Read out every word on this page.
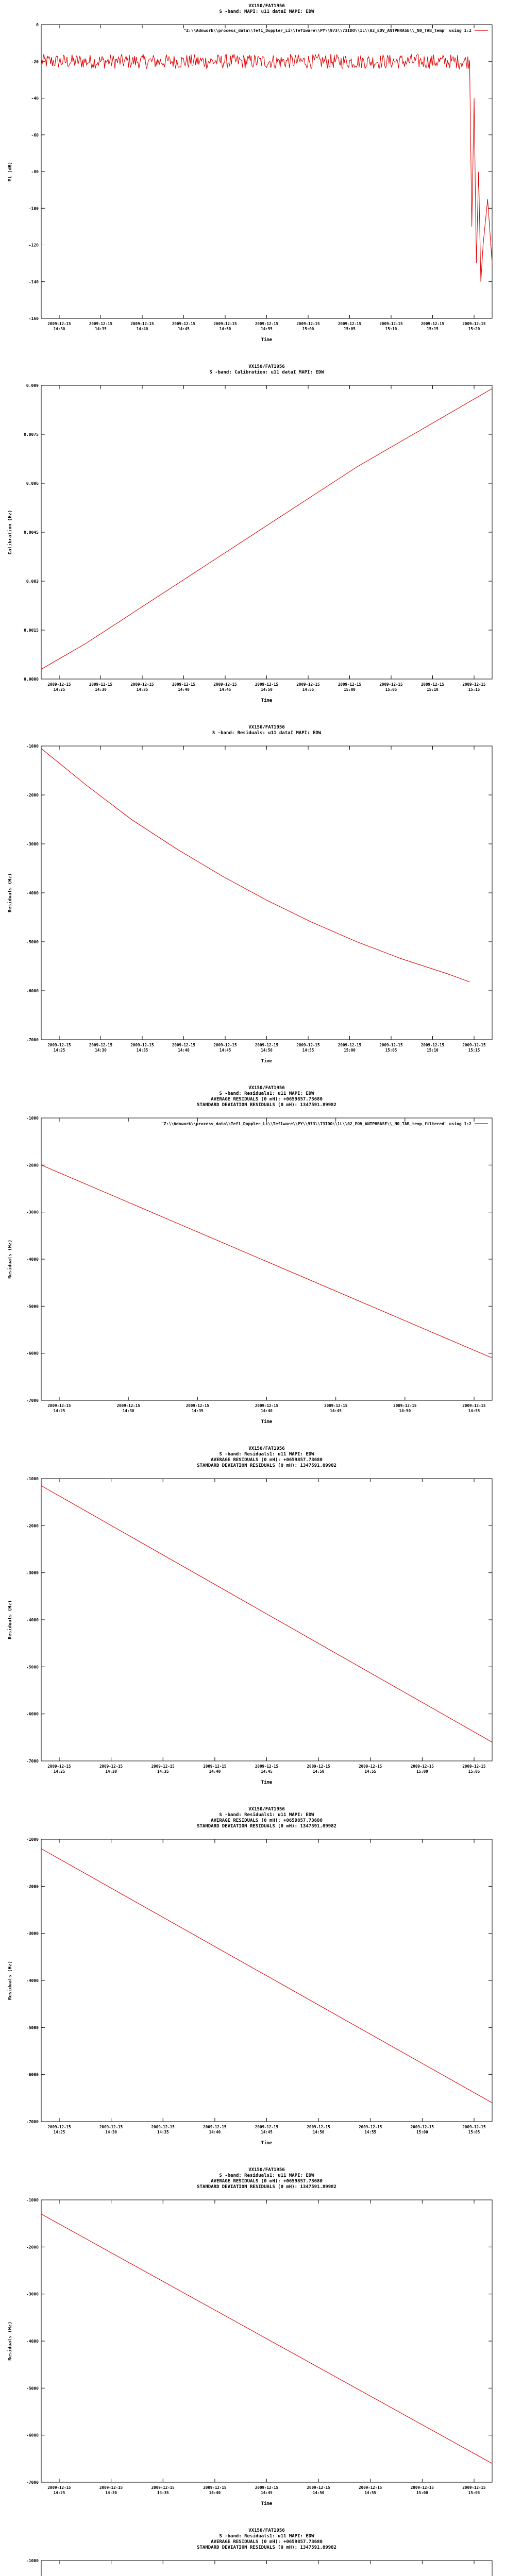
VX150/FAT1956
S -band: MAPI: u11 dataI MAPI: EDW
"Z:\\Adnwork\\process_data\\Tef1_Doppler_Li\\Tef1ware\\PY\\973\\73IDO\\1L\\02_EOV_ANTPHRASE\\_N0_TAB_temp" using 1:2
0
-20
-40
-60
-80
-100
-120
-140
-160
2009-12-15
14:30
2009-12-15
14:35
2009-12-15
14:40
2009-12-15
14:45
2009-12-15
14:50
2009-12-15
14:55
2009-12-15
15:00
2009-12-15
15:05
2009-12-15
15:10
2009-12-15
15:15
2009-12-15
15:20
ML (dB)
Time
VX150/FAT1956
S -band: Calibration: u11 dataI MAPI: EDW
0.009
0.0075
0.006
0.0045
0.003
0.0015
0.0000
2009-12-15
14:25
2009-12-15
14:30
2009-12-15
14:35
2009-12-15
14:40
2009-12-15
14:45
2009-12-15
14:50
2009-12-15
14:55
2009-12-15
15:00
2009-12-15
15:05
2009-12-15
15:10
2009-12-15
15:15
Calibration (Hz)
Time
VX150/FAT1956
S -band: Residuals: u11 dataI MAPI: EDW
-1000
-2000
-3000
-4000
-5000
-6000
-7000
2009-12-15
14:25
2009-12-15
14:30
2009-12-15
14:35
2009-12-15
14:40
2009-12-15
14:45
2009-12-15
14:50
2009-12-15
14:55
2009-12-15
15:00
2009-12-15
15:05
2009-12-15
15:10
2009-12-15
15:15
Residuals (Hz)
Time
VX150/FAT1956
S -band: Residuals1: u11 MAPI: EDW
AVERAGE RESIDUALS (0 mH): +0659857.73680
STANDARD DEVIATION RESIDUALS (0 mH): 1347591.89982
"Z:\\Adnwork\\process_data\\Tef1_Doppler_Li\\Tef1ware\\PY\\973\\73IDO\\1L\\02_EOV_ANTPHRASE\\_N0_TAB_temp_filtered" using 1:2
-1000
-2000
-3000
-4000
-5000
-6000
-7000
2009-12-15
14:25
2009-12-15
14:30
2009-12-15
14:35
2009-12-15
14:40
2009-12-15
14:45
2009-12-15
14:50
2009-12-15
14:55
Residuals (Hz)
Time
VX150/FAT1956
S -band: Residuals1: u11 MAPI: EDW
AVERAGE RESIDUALS (0 mH): +0659857.73680
STANDARD DEVIATION RESIDUALS (0 mH): 1347591.89982
-1000
-2000
-3000
-4000
-5000
-6000
-7000
2009-12-15
14:25
2009-12-15
14:30
2009-12-15
14:35
2009-12-15
14:40
2009-12-15
14:45
2009-12-15
14:50
2009-12-15
14:55
2009-12-15
15:00
2009-12-15
15:05
Residuals (Hz)
Time
VX150/FAT1956
S -band: Residuals1: u11 MAPI: EDW
AVERAGE RESIDUALS (0 mH): +0659857.73680
STANDARD DEVIATION RESIDUALS (0 mH): 1347591.89982
-1000
-2000
-3000
-4000
-5000
-6000
-7000
2009-12-15
14:25
2009-12-15
14:30
2009-12-15
14:35
2009-12-15
14:40
2009-12-15
14:45
2009-12-15
14:50
2009-12-15
14:55
2009-12-15
15:00
2009-12-15
15:05
Residuals (Hz)
Time
VX150/FAT1956
S -band: Residuals1: u11 MAPI: EDW
AVERAGE RESIDUALS (0 mH): +0659857.73680
STANDARD DEVIATION RESIDUALS (0 mH): 1347591.89982
-1000
-2000
-3000
-4000
-5000
-6000
-7000
2009-12-15
14:25
2009-12-15
14:30
2009-12-15
14:35
2009-12-15
14:40
2009-12-15
14:45
2009-12-15
14:50
2009-12-15
14:55
2009-12-15
15:00
2009-12-15
15:05
Residuals (Hz)
Time
VX150/FAT1956
S -band: Residuals1: u11 MAPI: EDW
AVERAGE RESIDUALS (0 mH): +0659857.73680
STANDARD DEVIATION RESIDUALS (0 mH): 1347591.89982
-1000
